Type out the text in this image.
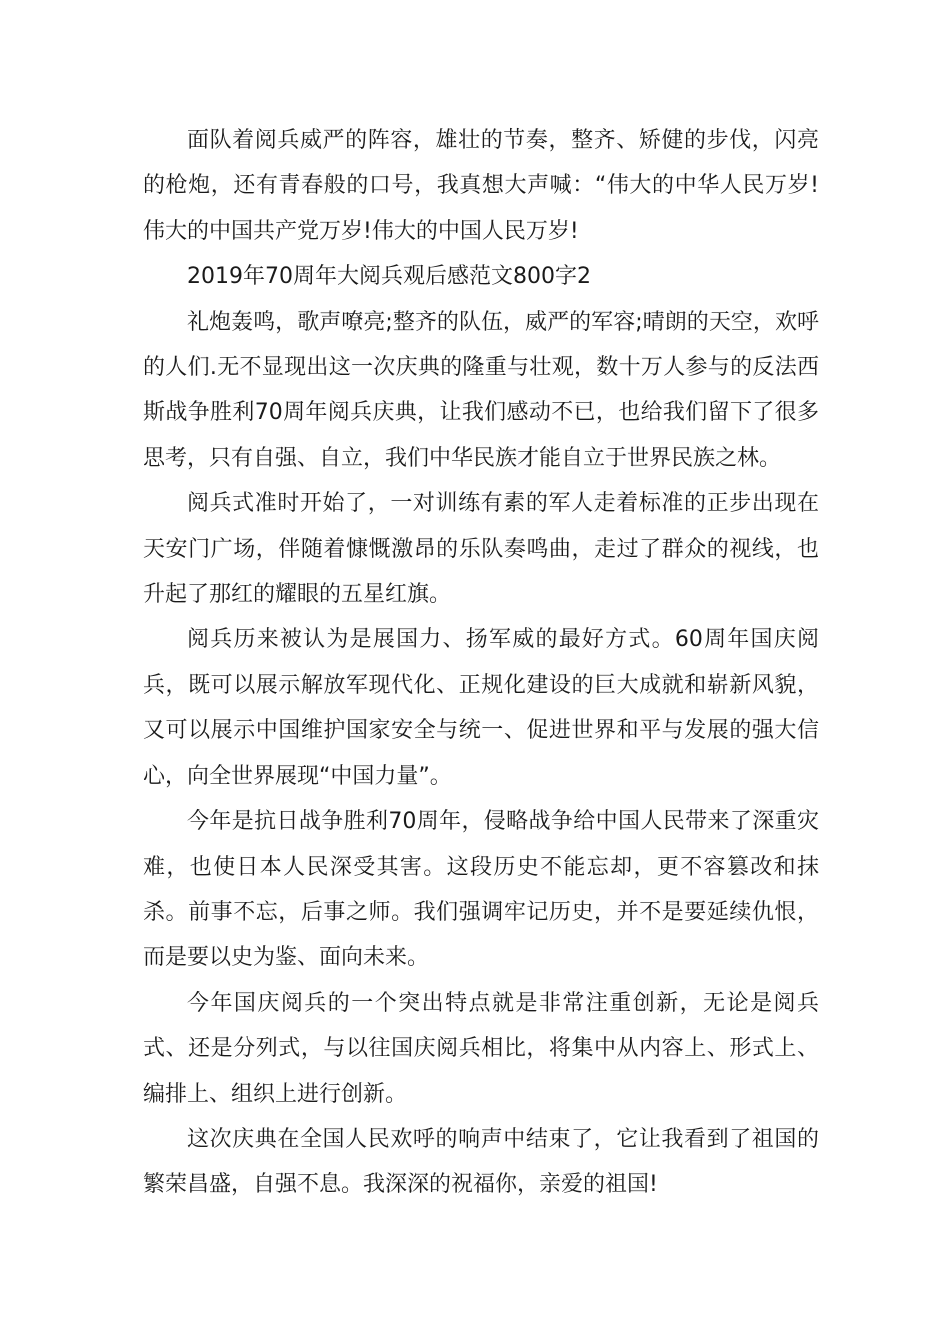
面队着阅兵威严的阵容，雄壮的节奏，整齐、矫健的步伐，闪亮的枪炮，还有青春般的口号，我真想大声喊：“伟大的中华人民万岁!伟大的中国共产党万岁!伟大的中国人民万岁!

2019年70周年大阅兵观后感范文800字2

礼炮轰鸣，歌声嘹亮;整齐的队伍，威严的军容;晴朗的天空，欢呼的人们.无不显现出这一次庆典的隆重与壮观，数十万人参与的反法西斯战争胜利70周年阅兵庆典，让我们感动不已，也给我们留下了很多思考，只有自强、自立，我们中华民族才能自立于世界民族之林。

阅兵式准时开始了，一对训练有素的军人走着标准的正步出现在天安门广场，伴随着慷慨激昂的乐队奏鸣曲，走过了群众的视线，也升起了那红的耀眼的五星红旗。

阅兵历来被认为是展国力、扬军威的最好方式。60周年国庆阅兵，既可以展示解放军现代化、正规化建设的巨大成就和崭新风貌，又可以展示中国维护国家安全与统一、促进世界和平与发展的强大信心，向全世界展现“中国力量”。

今年是抗日战争胜利70周年，侵略战争给中国人民带来了深重灾难，也使日本人民深受其害。这段历史不能忘却，更不容篡改和抹杀。前事不忘，后事之师。我们强调牢记历史，并不是要延续仇恨，而是要以史为鉴、面向未来。

今年国庆阅兵的一个突出特点就是非常注重创新，无论是阅兵式、还是分列式，与以往国庆阅兵相比，将集中从内容上、形式上、编排上、组织上进行创新。

这次庆典在全国人民欢呼的响声中结束了，它让我看到了祖国的繁荣昌盛，自强不息。我深深的祝福你，亲爱的祖国!
